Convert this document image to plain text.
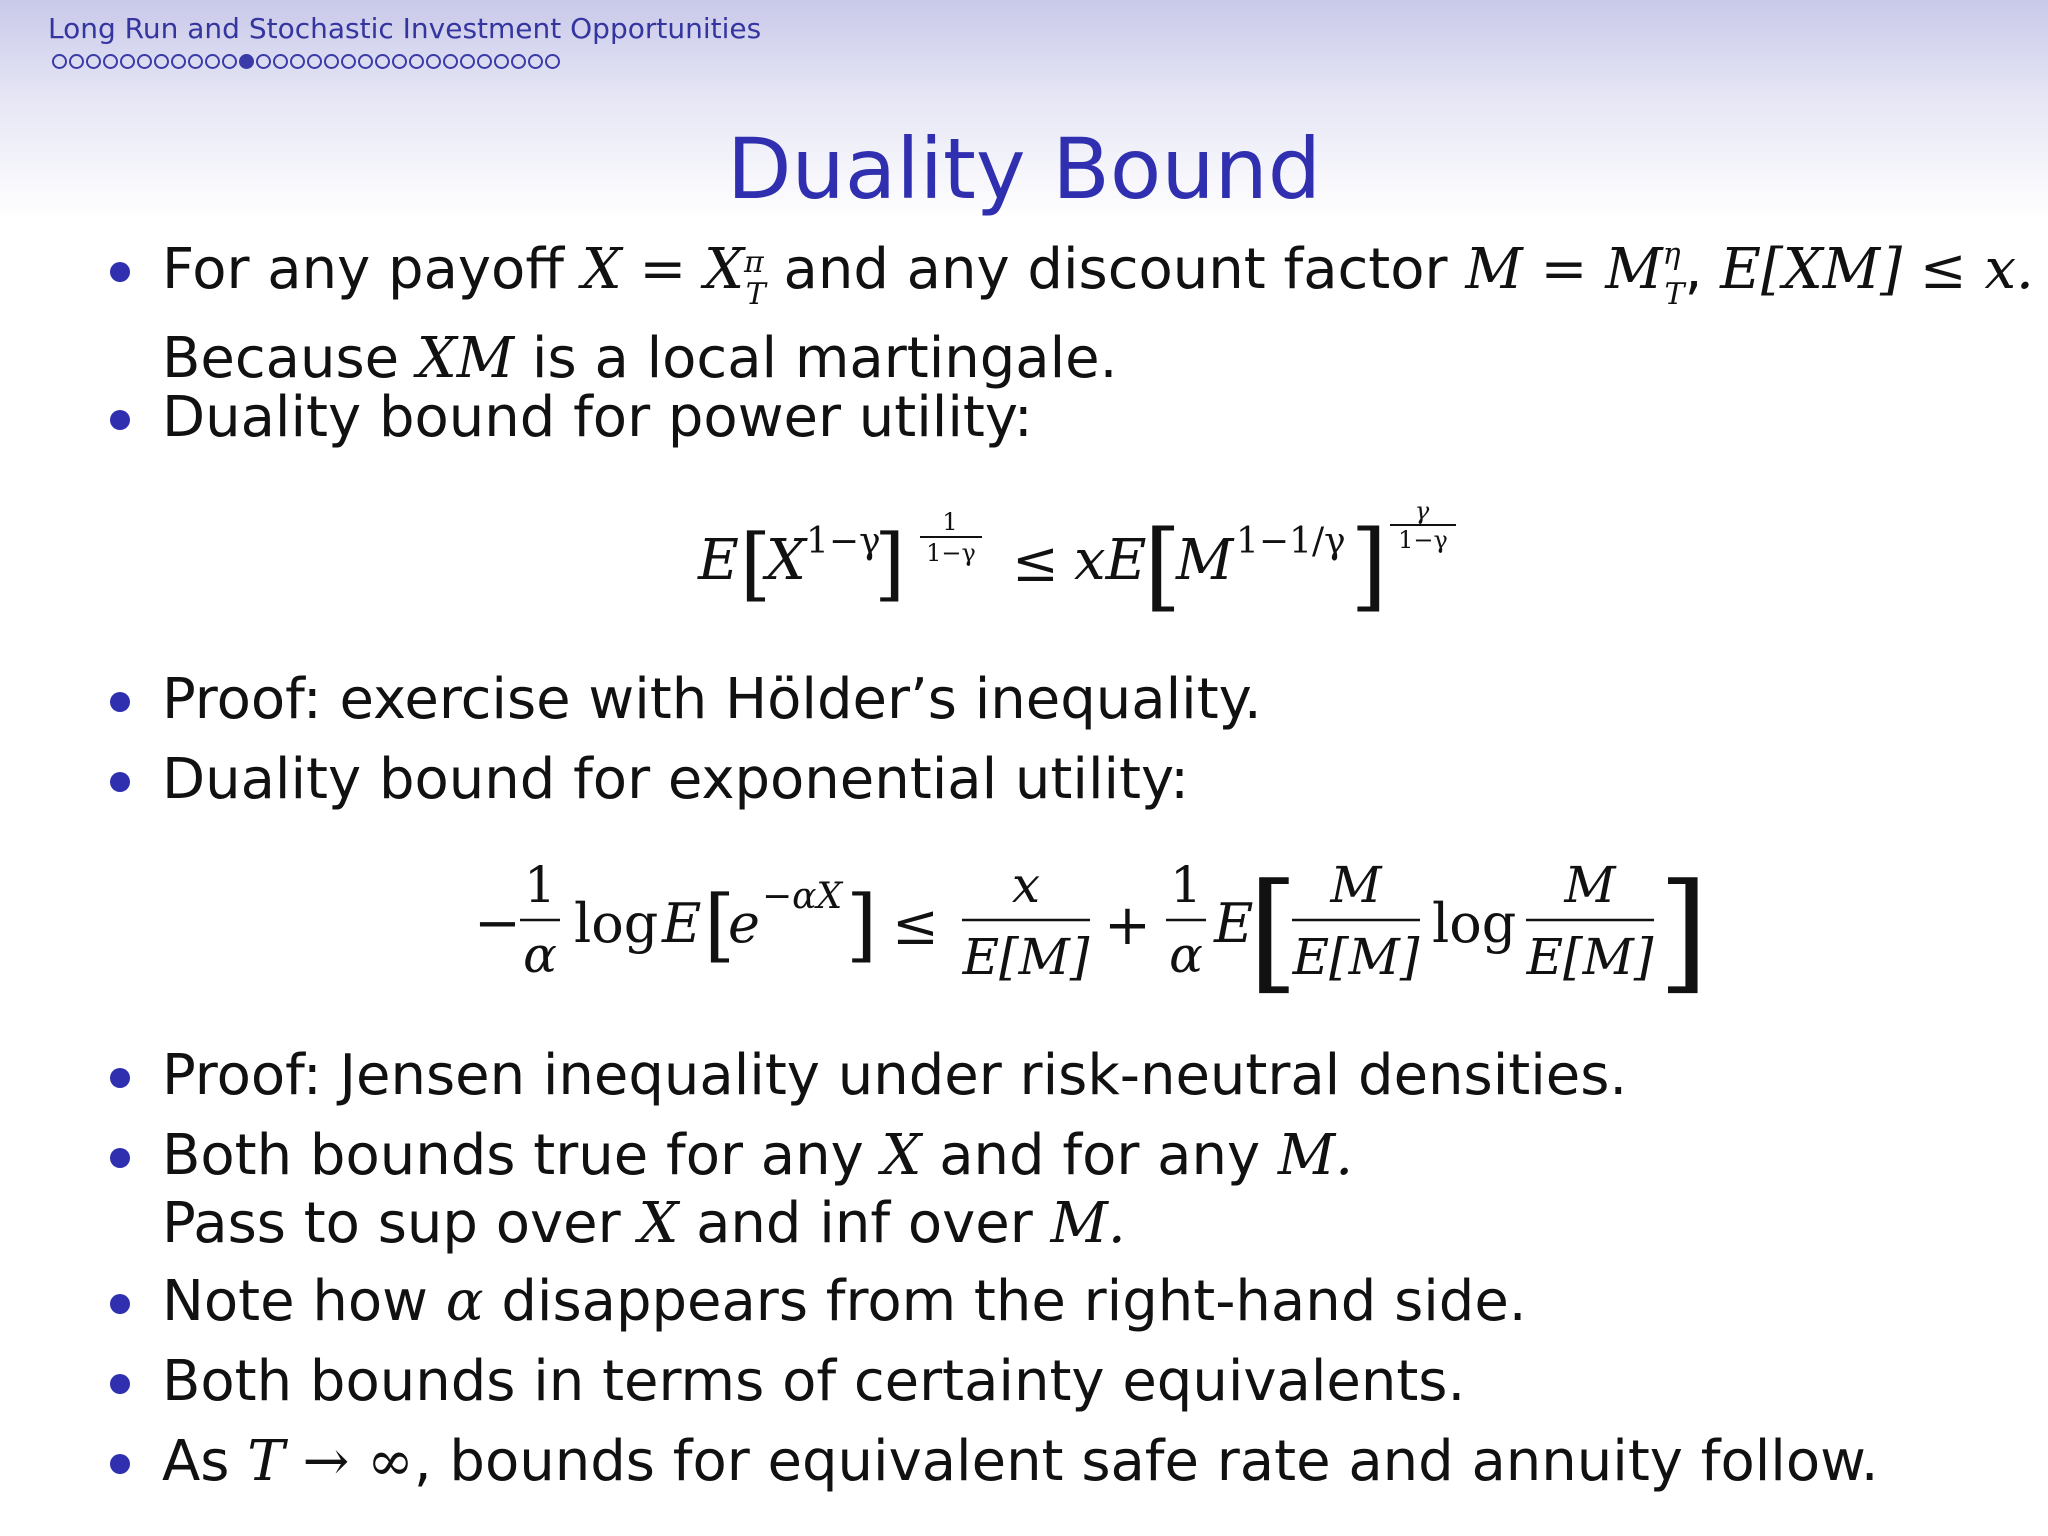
Long Run and Stochastic Investment Opportunities
Duality Bound
For any payoff $X = X_{\pi T}$ and any discount factor $M = M^\eta_T$, E[XM] ≤ x.
Because XM is a local martingale.
Duality bound for power utility:
E [
X 1−γ
] 1
1−γ ≤ xE
[
M 1−1/γ ] γ
1−γ
Proof: exercise with Hölder’s inequality.
Duality bound for exponential utility:
−
1
α log E [
e −αX ] ≤
x
E[M] +
1
α E
[ M
E[M]
log
M
E[M] ]
Proof: Jensen inequality under risk-neutral densities.
Both bounds true for any X and for any M.
Pass to sup over X and inf over M.
Note how α disappears from the right-hand side.
Both bounds in terms of certainty equivalents.
As T → ∞, bounds for equivalent safe rate and annuity follow.
